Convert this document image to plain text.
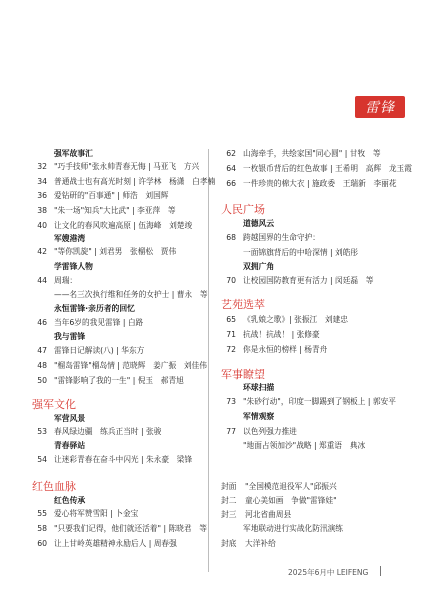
雷锋
强军故事汇
32 "巧手技师"张永帅青春无悔 | 马亚飞　方兴
34 普通战士也有高光时刻 | 许学林　杨潇　白孝楠
36 爱钻研的"百事通" | 师浩　刘国辉
38 "朱一场"知兵"大比武" | 李亚萍　等
40 让文化的春风吹遍高原 | 伍海峰　刘楚竣
军嫂港湾
42 "等你凯旋" | 刘君男　张榴松　贾伟
学雷锋人物
44 周瑞：
——名三次执行维和任务的女护士 | 曹永　等
永恒雷锋·亲历者的回忆
46 当年6岁的我见雷锋 | 白路
我与雷锋
47 雷锋日记解读(八) | 华东方
48 "榴岛雷锋"榴岛情 | 范晓辉　姜广振　刘佳伟
50 "雷锋影响了我的一生" | 倪玉　郝青旭
强军文化
军营风景
53 春风绿边疆　练兵正当时 | 张骏
青春驿站
54 让迷彩青春在奋斗中闪光 | 朱永豪　梁锋
红色血脉
红色传承
55 爱心将军赞雪阳 | 卜金宝
58 "只要我们记得，他们就还活着" | 陈晓君　等
60 让上甘岭英雄精神永励后人 | 周春强
62 山海牵手，共绘家国"同心圆" | 甘牧　等
64 一枚银币背后的红色故事 | 王希明　高辉　龙玉霞
66 一件珍贵的棉大衣 | 施政委　王瑞新　李丽花
人民广场
道德风云
68 跨越国界的生命守护：
一面锦旗背后的中哈深情 | 刘皓彤
双拥广角
70 让校园国防教育更有活力 | 闵廷磊　等
艺苑选萃
65 《乳娘之歌》| 张振江　刘建忠
71 抗战！抗战！ | 张修豪
72 你是永恒的榜样 | 杨青舟
军事瞭望
环球扫描
73 "朱砂行动"，印度一脚踢到了钢板上 | 郭安平
军情观察
77 以色列强力推进
"地面占领加沙"战略 | 郑重语　典冰
封面	"全国模范退役军人"邱振兴
封二	童心美如画　争做"雷锋娃"
封三	河北省曲周县
军地联动进行实战化防汛演练
封底	大洋补给
2025年6月中 LEIFENG
